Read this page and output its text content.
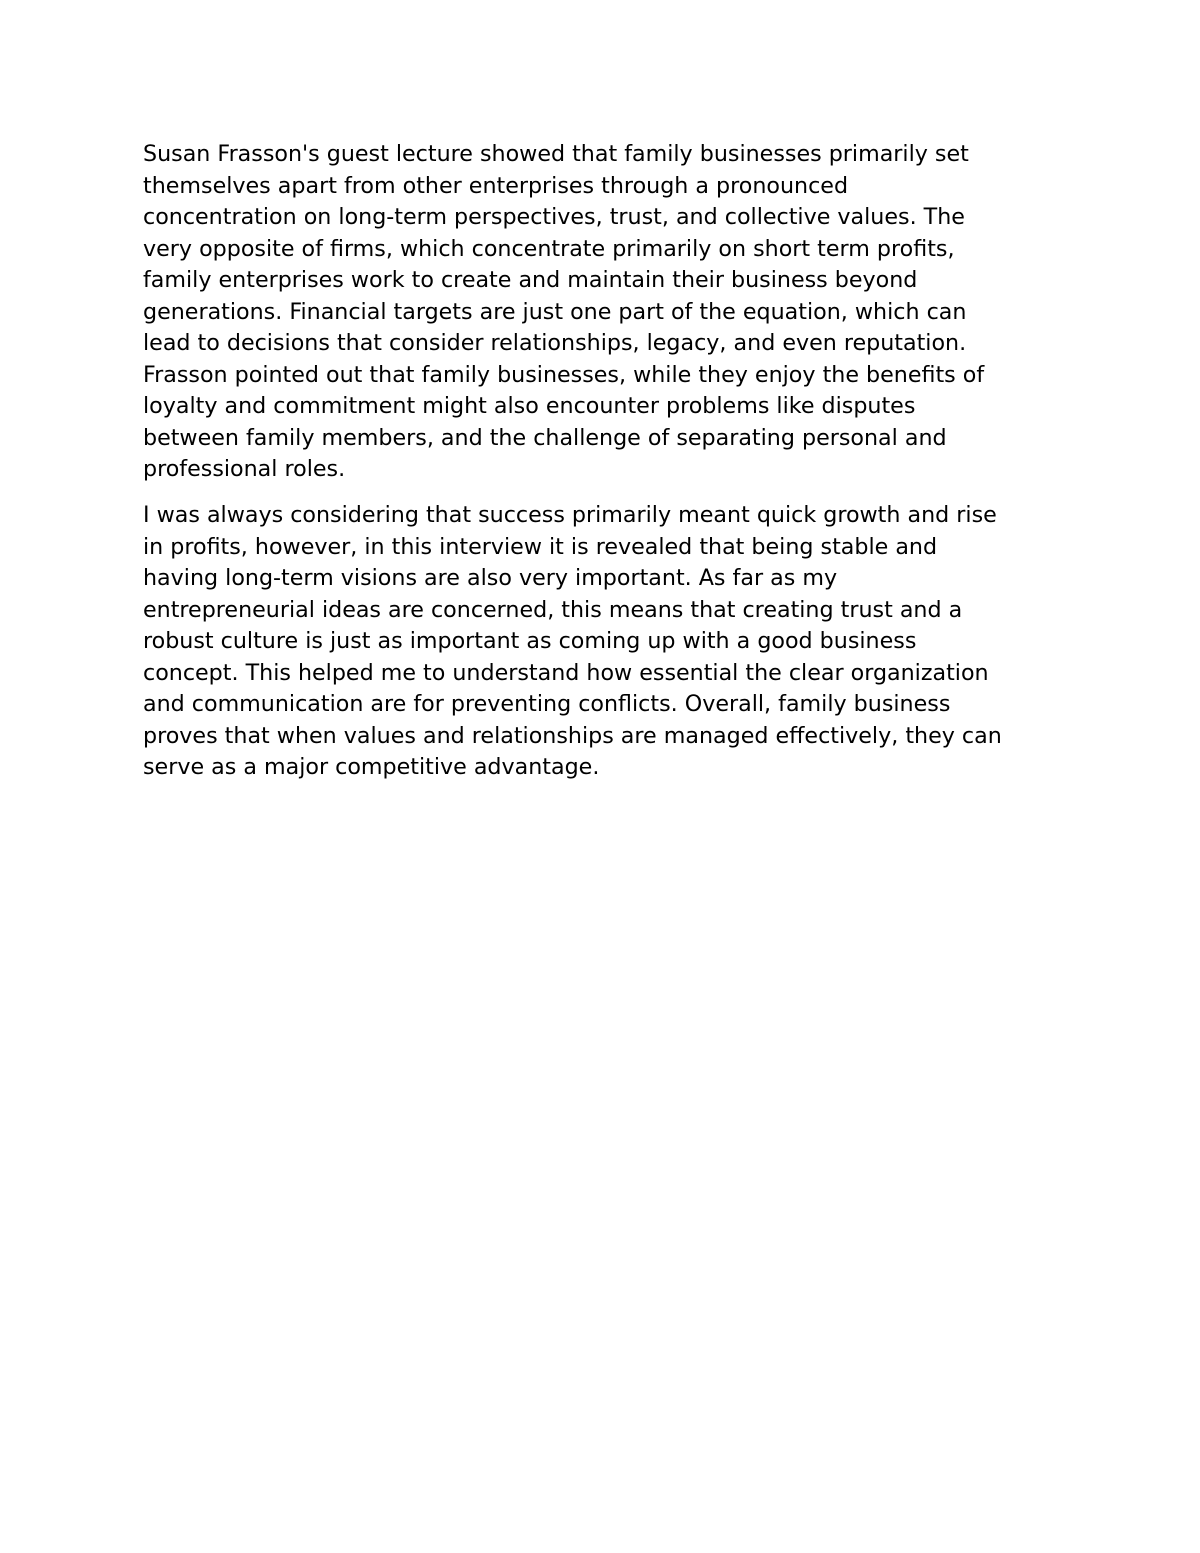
Susan Frasson's guest lecture showed that family businesses primarily set
themselves apart from other enterprises through a pronounced
concentration on long-term perspectives, trust, and collective values. The
very opposite of firms, which concentrate primarily on short term profits,
family enterprises work to create and maintain their business beyond
generations. Financial targets are just one part of the equation, which can
lead to decisions that consider relationships, legacy, and even reputation.
Frasson pointed out that family businesses, while they enjoy the benefits of
loyalty and commitment might also encounter problems like disputes
between family members, and the challenge of separating personal and
professional roles.

I was always considering that success primarily meant quick growth and rise
in profits, however, in this interview it is revealed that being stable and
having long-term visions are also very important. As far as my
entrepreneurial ideas are concerned, this means that creating trust and a
robust culture is just as important as coming up with a good business
concept. This helped me to understand how essential the clear organization
and communication are for preventing conflicts. Overall, family business
proves that when values and relationships are managed effectively, they can
serve as a major competitive advantage.
